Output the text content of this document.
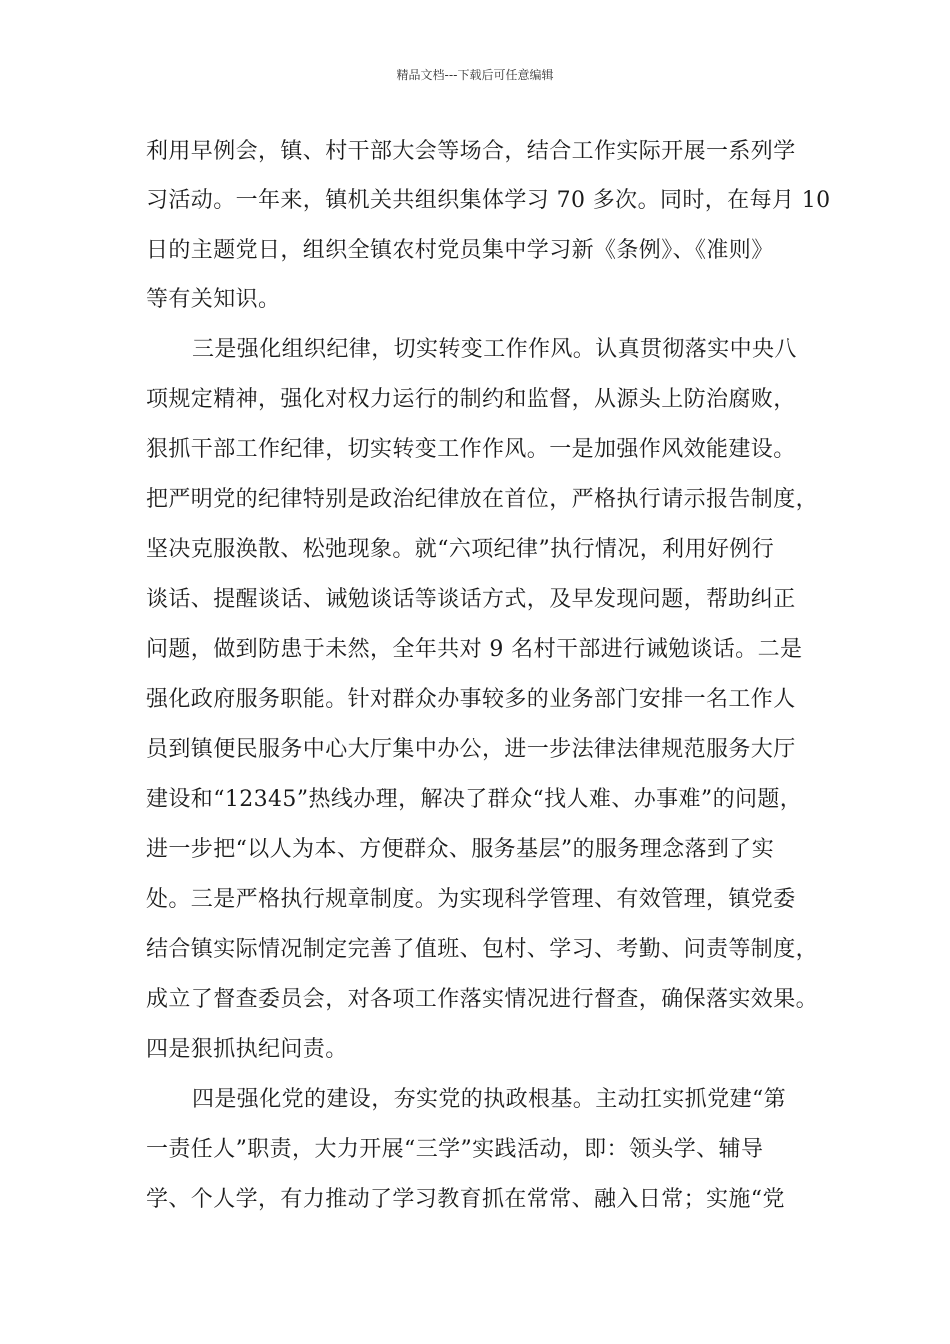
精品文档---下载后可任意编辑
利用早例会，镇、村干部大会等场合，结合工作实际开展一系列学
习活动。一年来，镇机关共组织集体学习 70 多次。同时，在每月 10
日的主题党日，组织全镇农村党员集中学习新《条例》、《准则》
等有关知识。
三是强化组织纪律，切实转变工作作风。认真贯彻落实中央八
项规定精神，强化对权力运行的制约和监督，从源头上防治腐败，
狠抓干部工作纪律，切实转变工作作风。一是加强作风效能建设。
把严明党的纪律特别是政治纪律放在首位，严格执行请示报告制度，
坚决克服涣散、松弛现象。就“六项纪律”执行情况，利用好例行
谈话、提醒谈话、诫勉谈话等谈话方式，及早发现问题，帮助纠正
问题，做到防患于未然，全年共对 9 名村干部进行诫勉谈话。二是
强化政府服务职能。针对群众办事较多的业务部门安排一名工作人
员到镇便民服务中心大厅集中办公，进一步法律法律规范服务大厅
建设和“12345”热线办理，解决了群众“找人难、办事难”的问题，
进一步把“以人为本、方便群众、服务基层”的服务理念落到了实
处。三是严格执行规章制度。为实现科学管理、有效管理，镇党委
结合镇实际情况制定完善了值班、包村、学习、考勤、问责等制度，
成立了督查委员会，对各项工作落实情况进行督查，确保落实效果。
四是狠抓执纪问责。
四是强化党的建设，夯实党的执政根基。主动扛实抓党建“第
一责任人”职责，大力开展“三学”实践活动，即：领头学、辅导
学、个人学，有力推动了学习教育抓在常常、融入日常；实施“党
